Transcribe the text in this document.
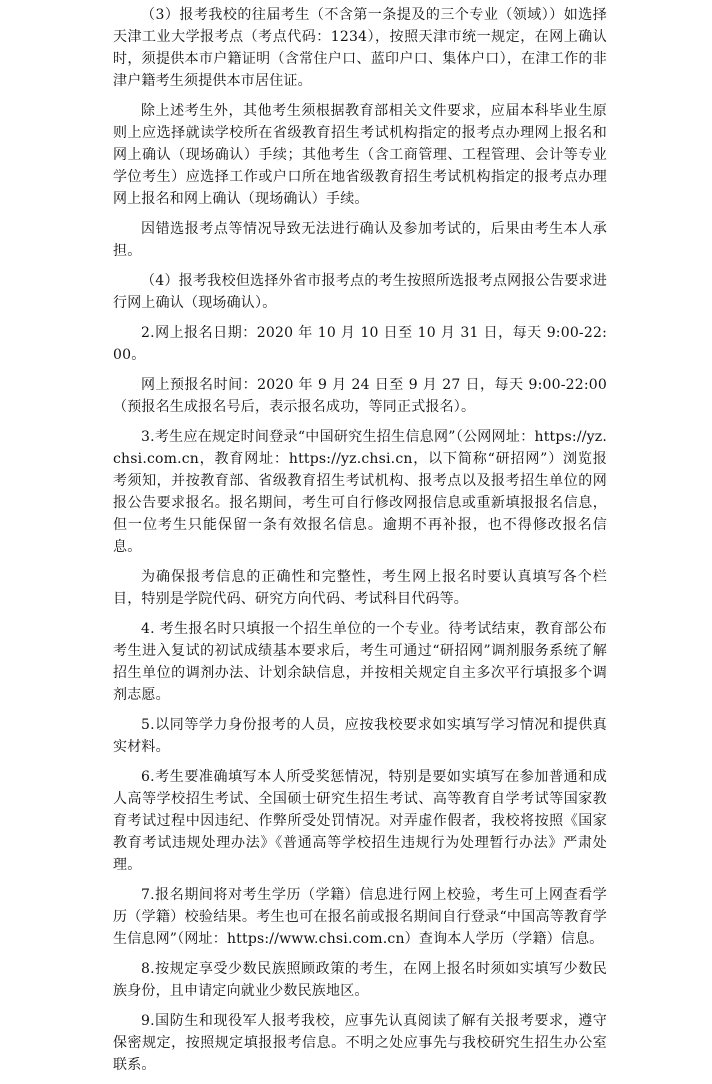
（3）报考我校的往届考生（不含第一条提及的三个专业（领域））如选择天津工业大学报考点（考点代码：1234），按照天津市统一规定，在网上确认时，须提供本市户籍证明（含常住户口、蓝印户口、集体户口），在津工作的非津户籍考生须提供本市居住证。

除上述考生外，其他考生须根据教育部相关文件要求，应届本科毕业生原则上应选择就读学校所在省级教育招生考试机构指定的报考点办理网上报名和网上确认（现场确认）手续；其他考生（含工商管理、工程管理、会计等专业学位考生）应选择工作或户口所在地省级教育招生考试机构指定的报考点办理网上报名和网上确认（现场确认）手续。

因错选报考点等情况导致无法进行确认及参加考试的，后果由考生本人承担。

（4）报考我校但选择外省市报考点的考生按照所选报考点网报公告要求进行网上确认（现场确认）。

2.网上报名日期：2020 年 10 月 10 日至 10 月 31 日，每天 9:00-22:00。

网上预报名时间：2020 年 9 月 24 日至 9 月 27 日，每天 9:00-22:00（预报名生成报名号后，表示报名成功，等同正式报名）。

3.考生应在规定时间登录“中国研究生招生信息网”（公网网址：https://yz.chsi.com.cn，教育网址：https://yz.chsi.cn，以下简称“研招网”）浏览报考须知，并按教育部、省级教育招生考试机构、报考点以及报考招生单位的网报公告要求报名。报名期间，考生可自行修改网报信息或重新填报报名信息，但一位考生只能保留一条有效报名信息。逾期不再补报，也不得修改报名信息。

为确保报考信息的正确性和完整性，考生网上报名时要认真填写各个栏目，特别是学院代码、研究方向代码、考试科目代码等。

4. 考生报名时只填报一个招生单位的一个专业。待考试结束，教育部公布考生进入复试的初试成绩基本要求后，考生可通过“研招网”调剂服务系统了解招生单位的调剂办法、计划余缺信息，并按相关规定自主多次平行填报多个调剂志愿。

5.以同等学力身份报考的人员，应按我校要求如实填写学习情况和提供真实材料。

6.考生要准确填写本人所受奖惩情况，特别是要如实填写在参加普通和成人高等学校招生考试、全国硕士研究生招生考试、高等教育自学考试等国家教育考试过程中因违纪、作弊所受处罚情况。对弄虚作假者，我校将按照《国家教育考试违规处理办法》《普通高等学校招生违规行为处理暂行办法》严肃处理。

7.报名期间将对考生学历（学籍）信息进行网上校验，考生可上网查看学历（学籍）校验结果。考生也可在报名前或报名期间自行登录“中国高等教育学生信息网”（网址：https://www.chsi.com.cn）查询本人学历（学籍）信息。

8.按规定享受少数民族照顾政策的考生，在网上报名时须如实填写少数民族身份，且申请定向就业少数民族地区。

9.国防生和现役军人报考我校，应事先认真阅读了解有关报考要求，遵守保密规定，按照规定填报报考信息。不明之处应事先与我校研究生招生办公室联系。
